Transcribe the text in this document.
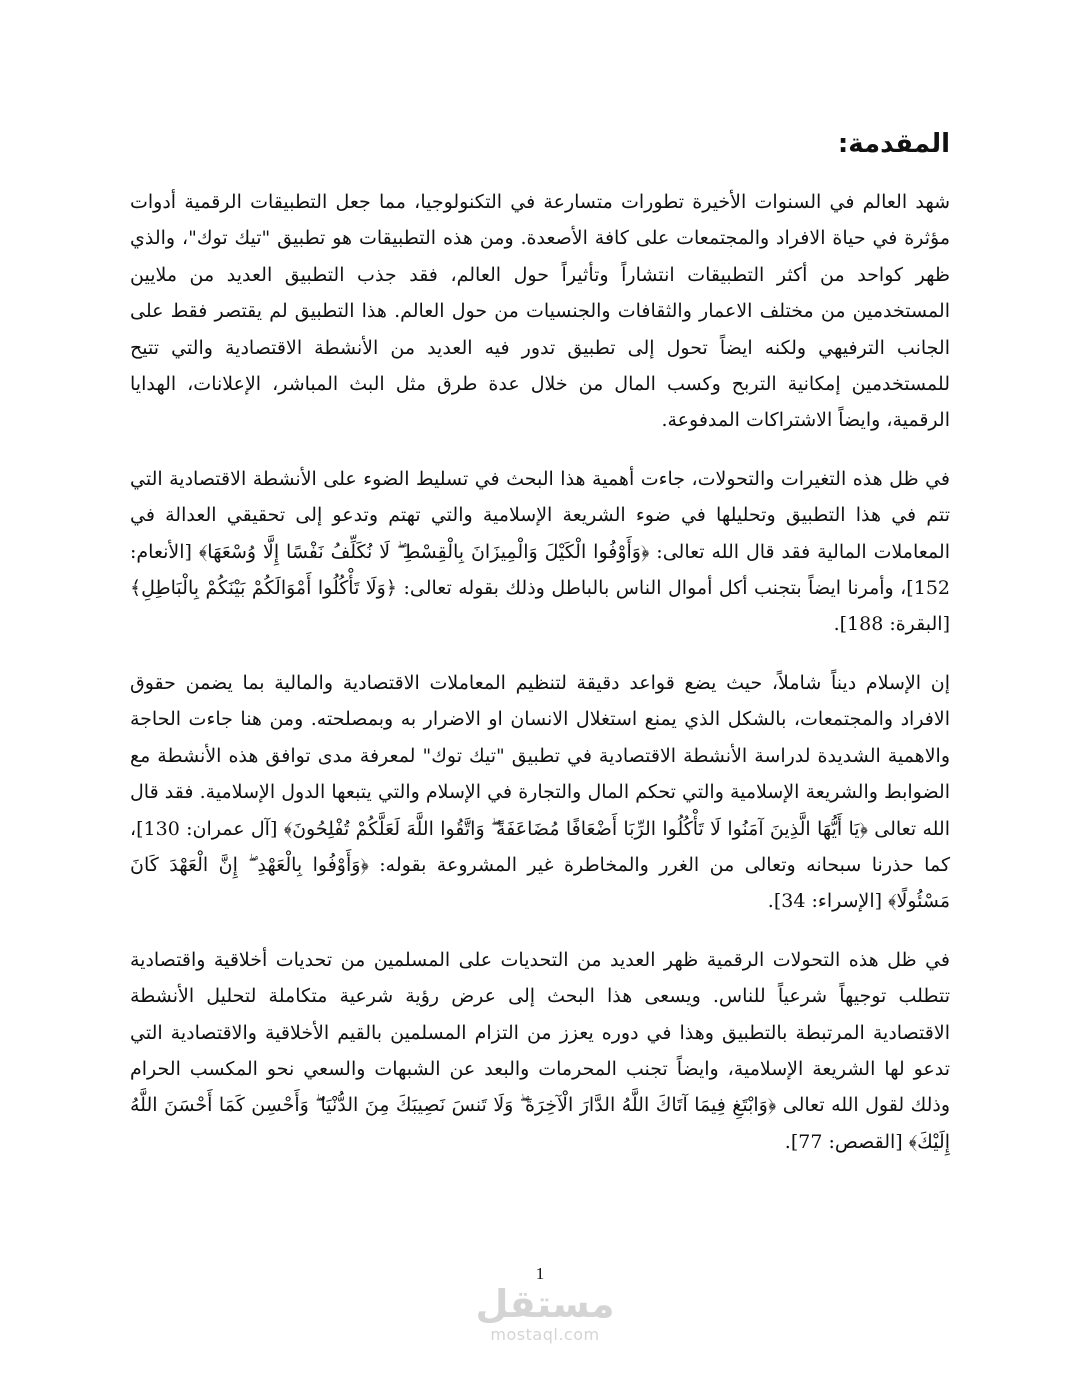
المقدمة:

شهد العالم في السنوات الأخيرة تطورات متسارعة في التكنولوجيا، مما جعل التطبيقات الرقمية أدوات مؤثرة في حياة الافراد والمجتمعات على كافة الأصعدة. ومن هذه التطبيقات هو تطبيق "تيك توك"، والذي ظهر كواحد من أكثر التطبيقات انتشاراً وتأثيراً حول العالم، فقد جذب التطبيق العديد من ملايين المستخدمين من مختلف الاعمار والثقافات والجنسيات من حول العالم. هذا التطبيق لم يقتصر فقط على الجانب الترفيهي ولكنه ايضاً تحول إلى تطبيق تدور فيه العديد من الأنشطة الاقتصادية والتي تتيح للمستخدمين إمكانية التربح وكسب المال من خلال عدة طرق مثل البث المباشر، الإعلانات، الهدايا الرقمية، وايضاً الاشتراكات المدفوعة.

في ظل هذه التغيرات والتحولات، جاءت أهمية هذا البحث في تسليط الضوء على الأنشطة الاقتصادية التي تتم في هذا التطبيق وتحليلها في ضوء الشريعة الإسلامية والتي تهتم وتدعو إلى تحقيقي العدالة في المعاملات المالية فقد قال الله تعالى: ﴿وَأَوْفُوا الْكَيْلَ وَالْمِيزَانَ بِالْقِسْطِ ۖ لَا نُكَلِّفُ نَفْسًا إِلَّا وُسْعَهَا﴾ [الأنعام: 152]، وأمرنا ايضاً بتجنب أكل أموال الناس بالباطل وذلك بقوله تعالى: ﴿وَلَا تَأْكُلُوا أَمْوَالَكُمْ بَيْنَكُمْ بِالْبَاطِلِ﴾ [البقرة: 188].

إن الإسلام ديناً شاملاً، حيث يضع قواعد دقيقة لتنظيم المعاملات الاقتصادية والمالية بما يضمن حقوق الافراد والمجتمعات، بالشكل الذي يمنع استغلال الانسان او الاضرار به وبمصلحته. ومن هنا جاءت الحاجة والاهمية الشديدة لدراسة الأنشطة الاقتصادية في تطبيق "تيك توك" لمعرفة مدى توافق هذه الأنشطة مع الضوابط والشريعة الإسلامية والتي تحكم المال والتجارة في الإسلام والتي يتبعها الدول الإسلامية. فقد قال الله تعالى ﴿يَا أَيُّهَا الَّذِينَ آمَنُوا لَا تَأْكُلُوا الرِّبَا أَضْعَافًا مُضَاعَفَةً ۖ وَاتَّقُوا اللَّهَ لَعَلَّكُمْ تُفْلِحُونَ﴾ [آل عمران: 130]، كما حذرنا سبحانه وتعالى من الغرر والمخاطرة غير المشروعة بقوله: ﴿وَأَوْفُوا بِالْعَهْدِ ۖ إِنَّ الْعَهْدَ كَانَ مَسْئُولًا﴾ [الإسراء: 34].

في ظل هذه التحولات الرقمية ظهر العديد من التحديات على المسلمين من تحديات أخلاقية واقتصادية تتطلب توجيهاً شرعياً للناس. ويسعى هذا البحث إلى عرض رؤية شرعية متكاملة لتحليل الأنشطة الاقتصادية المرتبطة بالتطبيق وهذا في دوره يعزز من التزام المسلمين بالقيم الأخلاقية والاقتصادية التي تدعو لها الشريعة الإسلامية، وايضاً تجنب المحرمات والبعد عن الشبهات والسعي نحو المكسب الحرام وذلك لقول الله تعالى ﴿وَابْتَغِ فِيمَا آتَاكَ اللَّهُ الدَّارَ الْآخِرَةَ ۖ وَلَا تَنسَ نَصِيبَكَ مِنَ الدُّنْيَا ۖ وَأَحْسِن كَمَا أَحْسَنَ اللَّهُ إِلَيْكَ﴾ [القصص: 77].

1
مستقل
mostaql.com
